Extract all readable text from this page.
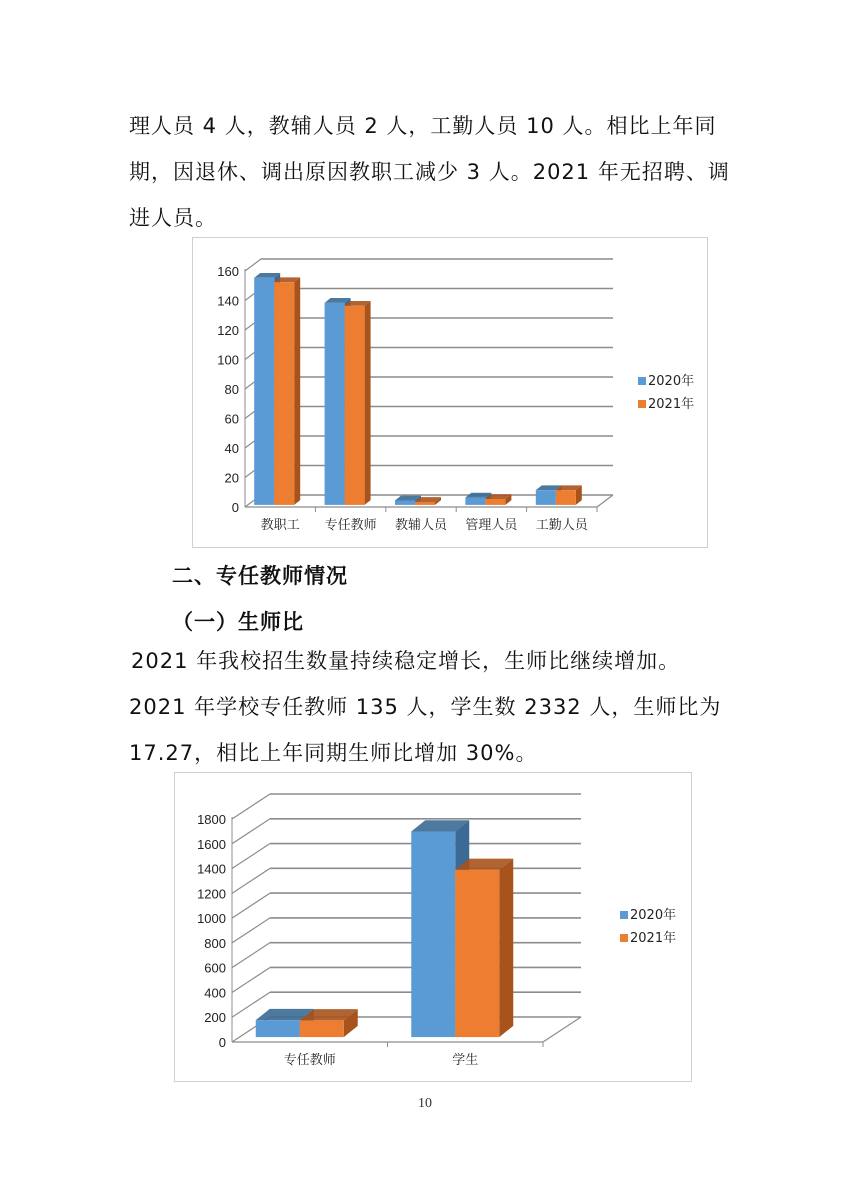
理人员 4 人，教辅人员 2 人，工勤人员 10 人。相比上年同
期，因退休、调出原因教职工减少 3 人。2021 年无招聘、调
进人员。
0
20
40
60
80
100
120
140
160
教职工 专任教师 教辅人员 管理人员 工勤人员
2020年
2021年
二、专任教师情况
（一）生师比
　　2021 年我校招生数量持续稳定增长，生师比继续增加。
2021 年学校专任教师 135 人，学生数 2332 人，生师比为
17.27，相比上年同期生师比增加 30%。
0
200
400
600
800
1000
1200
1400
1600
1800
专任教师	学生
2020年
2021年
10
